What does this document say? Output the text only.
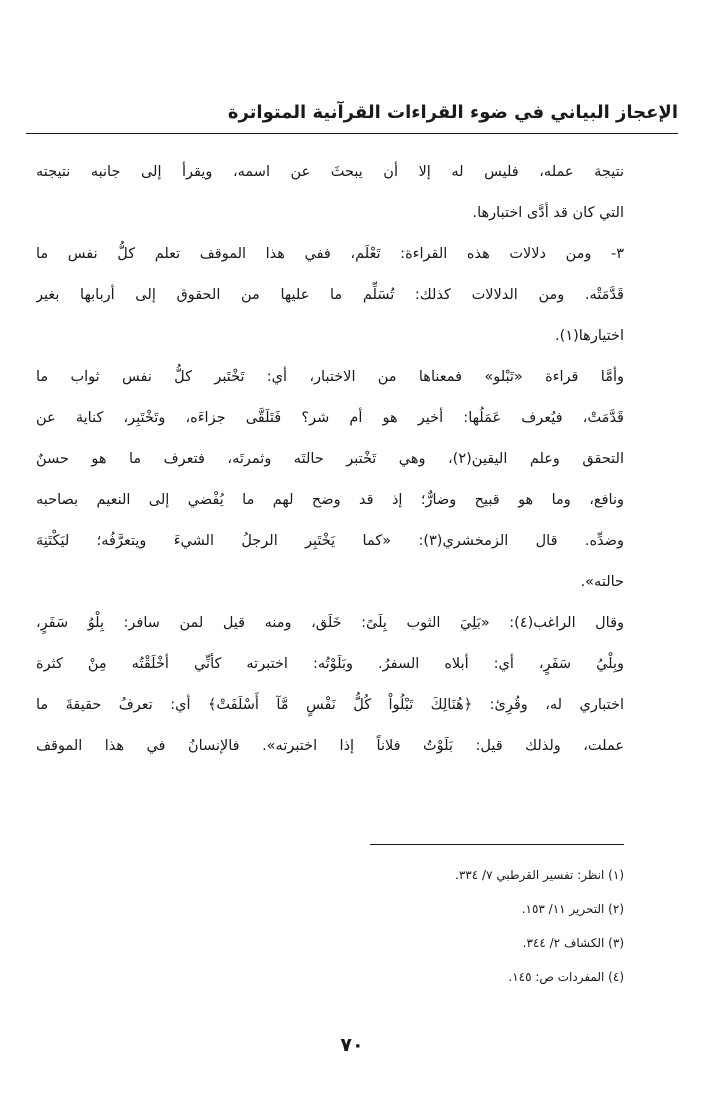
الإعجاز البياني في ضوء القراءات القرآنية المتواترة
نتيجة عمله، فليس له إلا أن يبحثَ عن اسمه، ويقرأ إلى جانبه نتيجته
التي كان قد أدَّى اختبارها.
٣- ومن دلالات هذه القراءة: تَعْلَم، ففي هذا الموقف تعلم كلُّ نفس ما
قَدَّمَتْه. ومن الدلالات كذلك: تُسَلِّم ما عليها من الحقوق إلى أربابها بغير
اختيارها(١).
وأمَّا قراءة «تَبْلو» فمعناها من الاختبار، أي: تَخْتَبر كلُّ نفس ثواب ما
قَدَّمَتْ، فيُعرف عَمَلُها: أخير هو أم شر؟ فَتَلَقَّى جزاءَه، وتَخْتَبِر، كناية عن
التحقق وعلم اليقين(٢)، وهي تَخْتبر حالتَه وثمرتَه، فتعرف ما هو حسنٌ
ونافع، وما هو قبيح وضارٌّ؛ إذ قد وضح لهم ما يُفْضي إلى النعيم بصاحبه
وضدِّه. قال الزمخشري(٣): «كما يَخْتَبِر الرجلُ الشيءَ ويتعرَّفُه؛ ليَكْتَنِهَ
حالته».
وقال الراغب(٤): «بَلِيَ الثوب بِلَىً: خَلَق، ومنه قيل لمن سافر: بِلْوُ سَفَرٍ،
وبِلْيُ سَفَرٍ، أي: أبلاه السفرُ. وبَلَوْتُه: اختبرته كأنِّي أخْلَقْتُه مِنْ كثرة
اختباري له، وقُرِئ: ﴿هُنَالِكَ تَبْلُواْ كُلُّ نَفْسٍ مَّآ أَسْلَفَتْ﴾ أي: تعرفُ حقيقةَ ما
عملت، ولذلك قيل: بَلَوْتُ فلاناً إذا اختبرته». فالإنسانُ في هذا الموقف
(١) انظر: تفسير القرطبي ٧/ ٣٣٤.
(٢) التحرير ١١/ ١٥٣.
(٣) الكشاف ٢/ ٣٤٤.
(٤) المفردات ص: ١٤٥.
٧٠
